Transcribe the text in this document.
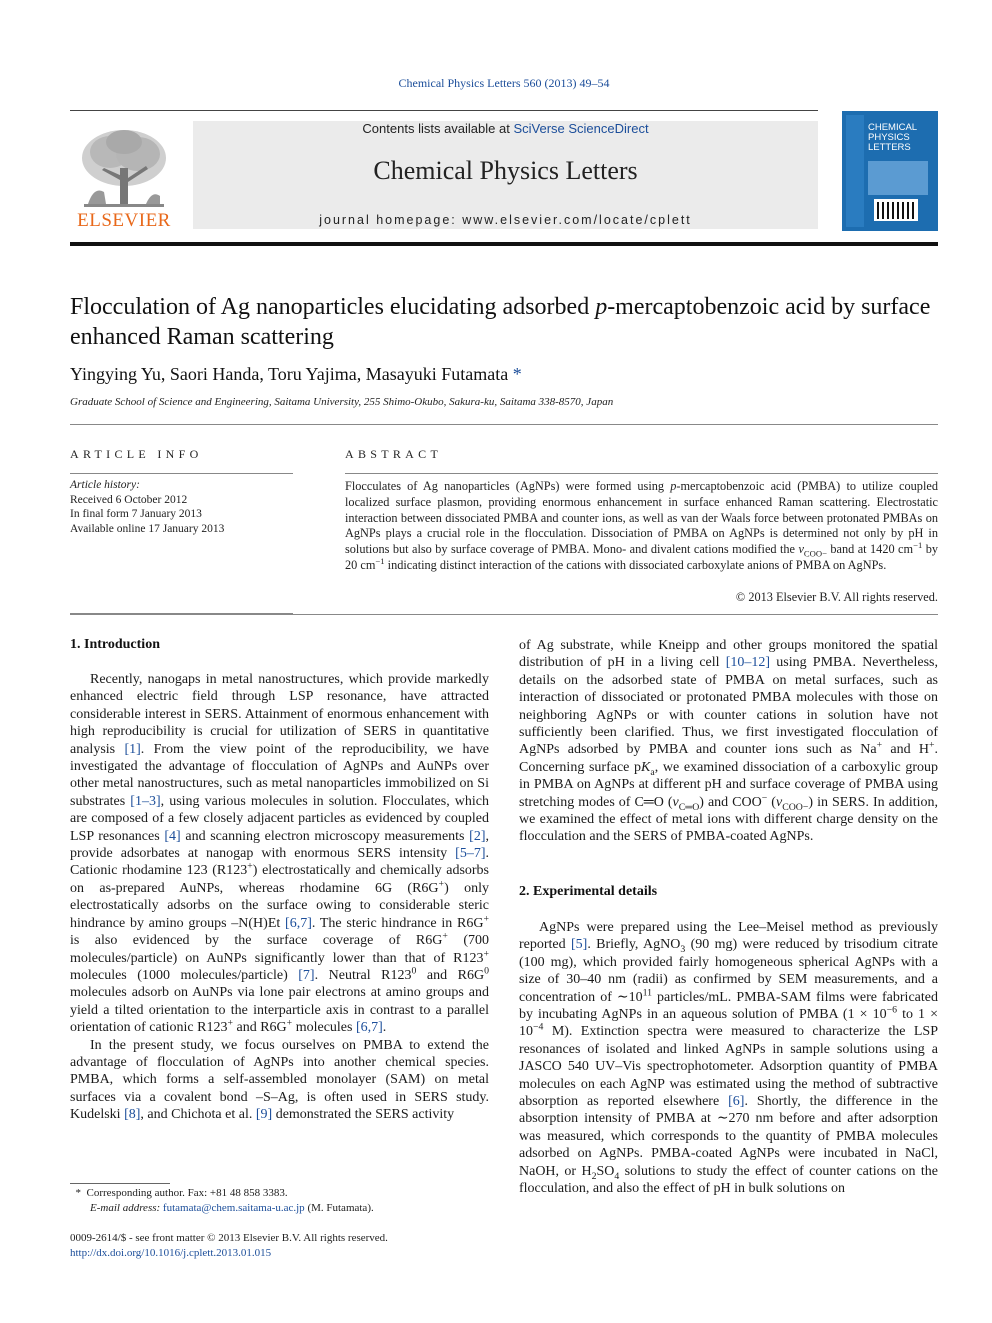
Chemical Physics Letters 560 (2013) 49–54
ELSEVIER
Contents lists available at SciVerse ScienceDirect
Chemical Physics Letters
journal homepage: www.elsevier.com/locate/cplett
CHEMICAL
PHYSICS
LETTERS
Flocculation of Ag nanoparticles elucidating adsorbed p-mercaptobenzoic acid by surface enhanced Raman scattering
Yingying Yu, Saori Handa, Toru Yajima, Masayuki Futamata *
Graduate School of Science and Engineering, Saitama University, 255 Shimo-Okubo, Sakura-ku, Saitama 338-8570, Japan
ARTICLE INFO	ABSTRACT
Article history:
Received 6 October 2012
In final form 7 January 2013
Available online 17 January 2013
Flocculates of Ag nanoparticles (AgNPs) were formed using p-mercaptobenzoic acid (PMBA) to utilize coupled localized surface plasmon, providing enormous enhancement in surface enhanced Raman scattering. Electrostatic interaction between dissociated PMBA and counter ions, as well as van der Waals force between protonated PMBAs on AgNPs plays a crucial role in the flocculation. Dissociation of PMBA on AgNPs is determined not only by pH in solutions but also by surface coverage of PMBA. Mono- and divalent cations modified the $\nu_{COO-}$ band at 1420 $cm^{-1}$ by 20 $cm^{-1}$ indicating distinct interaction of the cations with dissociated carboxylate anions of PMBA on AgNPs.
© 2013 Elsevier B.V. All rights reserved.
1. Introduction

Recently, nanogaps in metal nanostructures, which provide markedly enhanced electric field through LSP resonance, have attracted considerable interest in SERS. Attainment of enormous enhancement with high reproducibility is crucial for utilization of SERS in quantitative analysis [1]. From the view point of the reproducibility, we have investigated the advantage of flocculation of AgNPs and AuNPs over other metal nanostructures, such as metal nanoparticles immobilized on Si substrates [1–3], using various molecules in solution. Flocculates, which are composed of a few closely adjacent particles as evidenced by coupled LSP resonances [4] and scanning electron microscopy measurements [2], provide adsorbates at nanogap with enormous SERS intensity [5–7]. Cationic rhodamine 123 (R123+) electrostatically and chemically adsorbs on as-prepared AuNPs, whereas rhodamine 6G (R6G+) only electrostatically adsorbs on the surface owing to considerable steric hindrance by amino groups –N(H)Et [6,7]. The steric hindrance in R6G+ is also evidenced by the surface coverage of R6G+ (700 molecules/particle) on AuNPs significantly lower than that of R123+ molecules (1000 molecules/particle) [7]. Neutral $R123^0$ and $R6G^0$ molecules adsorb on AuNPs via lone pair electrons at amino groups and yield a tilted orientation to the interparticle axis in contrast to a parallel orientation of cationic R123+ and R6G+ molecules [6,7].

In the present study, we focus ourselves on PMBA to extend the advantage of flocculation of AgNPs into another chemical species. PMBA, which forms a self-assembled monolayer (SAM) on metal surfaces via a covalent bond –S–Ag, is often used in SERS study. Kudelski [8], and Chichota et al. [9] demonstrated the SERS activity

of Ag substrate, while Kneipp and other groups monitored the spatial distribution of pH in a living cell [10–12] using PMBA. Nevertheless, details on the adsorbed state of PMBA on metal surfaces, such as interaction of dissociated or protonated PMBA molecules with those on neighboring AgNPs or with counter cations in solution have not sufficiently been clarified. Thus, we first investigated flocculation of AgNPs adsorbed by PMBA and counter ions such as Na+ and H+. Concerning surface $pK_a$, we examined dissociation of a carboxylic group in PMBA on AgNPs at different pH and surface coverage of PMBA using stretching modes of C═O $(\nu_{C═O})$ and COO− $(\nu_{COO-})$ in SERS. In addition, we examined the effect of metal ions with different charge density on the flocculation and the SERS of PMBA-coated AgNPs.

2. Experimental details

AgNPs were prepared using the Lee–Meisel method as previously reported [5]. Briefly, AgNO$_3$ (90 mg) were reduced by trisodium citrate (100 mg), which provided fairly homogeneous spherical AgNPs with a size of 30–40 nm (radii) as confirmed by SEM measurements, and a concentration of $\sim 10^{11}$ particles/mL. PMBA-SAM films were fabricated by incubating AgNPs in an aqueous solution of PMBA ($1 \times 10^{-6}$ to $1 \times 10^{-4}$ M). Extinction spectra were measured to characterize the LSP resonances of isolated and linked AgNPs in sample solutions using a JASCO 540 UV–Vis spectrophotometer. Adsorption quantity of PMBA molecules on each AgNP was estimated using the method of subtractive absorption as reported elsewhere [6]. Shortly, the difference in the absorption intensity of PMBA at ∼270 nm before and after adsorption was measured, which corresponds to the quantity of PMBA molecules adsorbed on AgNPs. PMBA-coated AgNPs were incubated in NaCl, NaOH, or $H_2SO_4$ solutions to study the effect of counter cations on the flocculation, and also the effect of pH in bulk solutions on

* Corresponding author. Fax: +81 48 858 3383.
E-mail address: futamata@chem.saitama-u.ac.jp (M. Futamata).
0009-2614/$ - see front matter © 2013 Elsevier B.V. All rights reserved.
http://dx.doi.org/10.1016/j.cplett.2013.01.015
